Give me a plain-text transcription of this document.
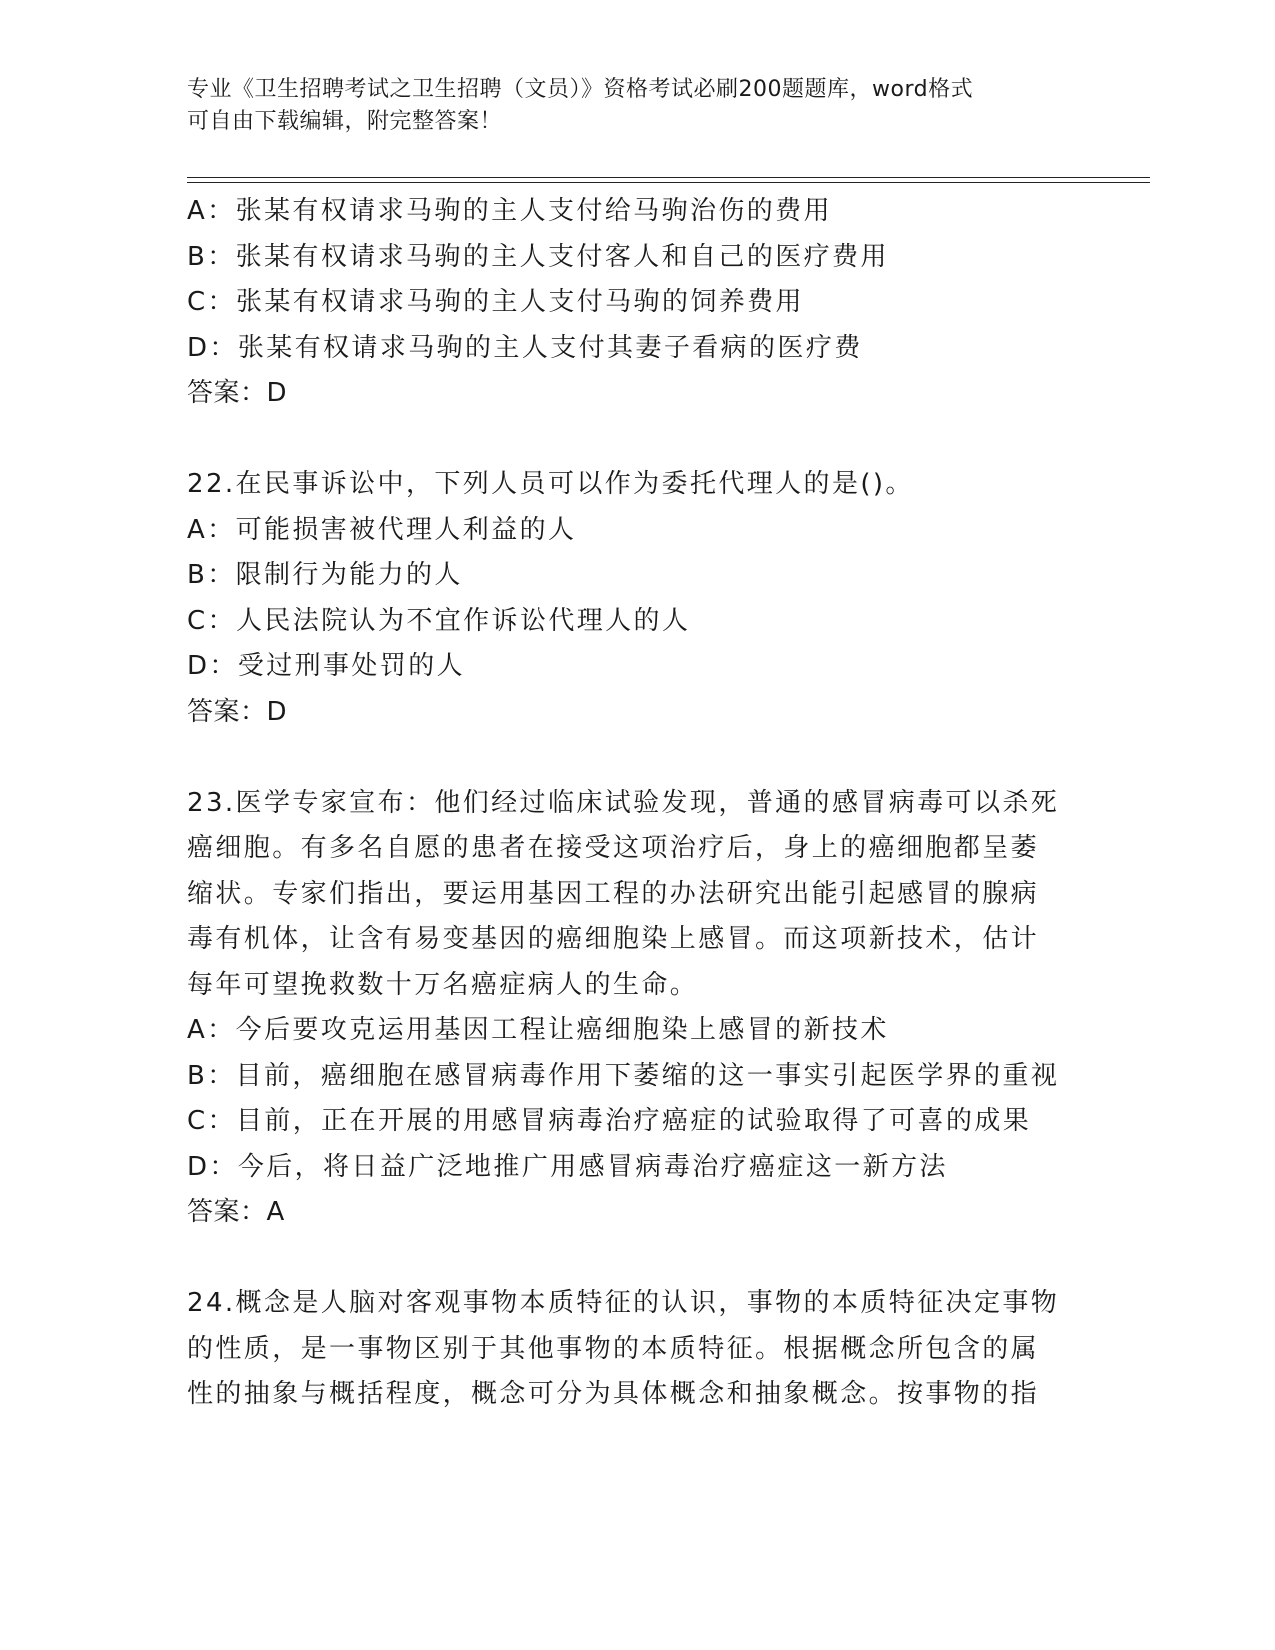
专业《卫生招聘考试之卫生招聘（文员）》资格考试必刷200题题库，word格式
可自由下载编辑，附完整答案！
A：张某有权请求马驹的主人支付给马驹治伤的费用
B：张某有权请求马驹的主人支付客人和自己的医疗费用
C：张某有权请求马驹的主人支付马驹的饲养费用
D：张某有权请求马驹的主人支付其妻子看病的医疗费
答案：D
22.在民事诉讼中，下列人员可以作为委托代理人的是()。
A：可能损害被代理人利益的人
B：限制行为能力的人
C：人民法院认为不宜作诉讼代理人的人
D：受过刑事处罚的人
答案：D
23.医学专家宣布：他们经过临床试验发现，普通的感冒病毒可以杀死
癌细胞。有多名自愿的患者在接受这项治疗后，身上的癌细胞都呈萎
缩状。专家们指出，要运用基因工程的办法研究出能引起感冒的腺病
毒有机体，让含有易变基因的癌细胞染上感冒。而这项新技术，估计
每年可望挽救数十万名癌症病人的生命。
A：今后要攻克运用基因工程让癌细胞染上感冒的新技术
B：目前，癌细胞在感冒病毒作用下萎缩的这一事实引起医学界的重视
C：目前，正在开展的用感冒病毒治疗癌症的试验取得了可喜的成果
D：今后，将日益广泛地推广用感冒病毒治疗癌症这一新方法
答案：A
24.概念是人脑对客观事物本质特征的认识，事物的本质特征决定事物
的性质，是一事物区别于其他事物的本质特征。根据概念所包含的属
性的抽象与概括程度，概念可分为具体概念和抽象概念。按事物的指
